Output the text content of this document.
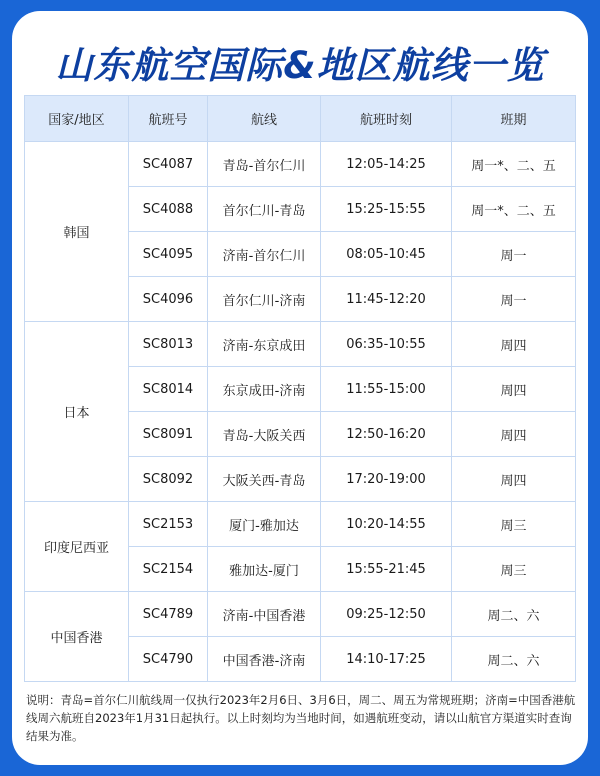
山东航空国际&地区航线一览
国家/地区	航班号	航线	航班时刻	班期
韩国	SC4087	青岛-首尔仁川	12:05-14:25	周一*、二、五
	SC4088	首尔仁川-青岛	15:25-15:55	周一*、二、五
	SC4095	济南-首尔仁川	08:05-10:45	周一
	SC4096	首尔仁川-济南	11:45-12:20	周一
日本	SC8013	济南-东京成田	06:35-10:55	周四
	SC8014	东京成田-济南	11:55-15:00	周四
	SC8091	青岛-大阪关西	12:50-16:20	周四
	SC8092	大阪关西-青岛	17:20-19:00	周四
印度尼西亚	SC2153	厦门-雅加达	10:20-14:55	周三
	SC2154	雅加达-厦门	15:55-21:45	周三
中国香港	SC4789	济南-中国香港	09:25-12:50	周二、六
	SC4790	中国香港-济南	14:10-17:25	周二、六
说明：青岛=首尔仁川航线周一仅执行2023年2月6日、3月6日，周二、周五为常规班期；济南=中国香港航线周六航班自2023年1月31日起执行。以上时刻均为当地时间，如遇航班变动，请以山航官方渠道实时查询结果为准。
